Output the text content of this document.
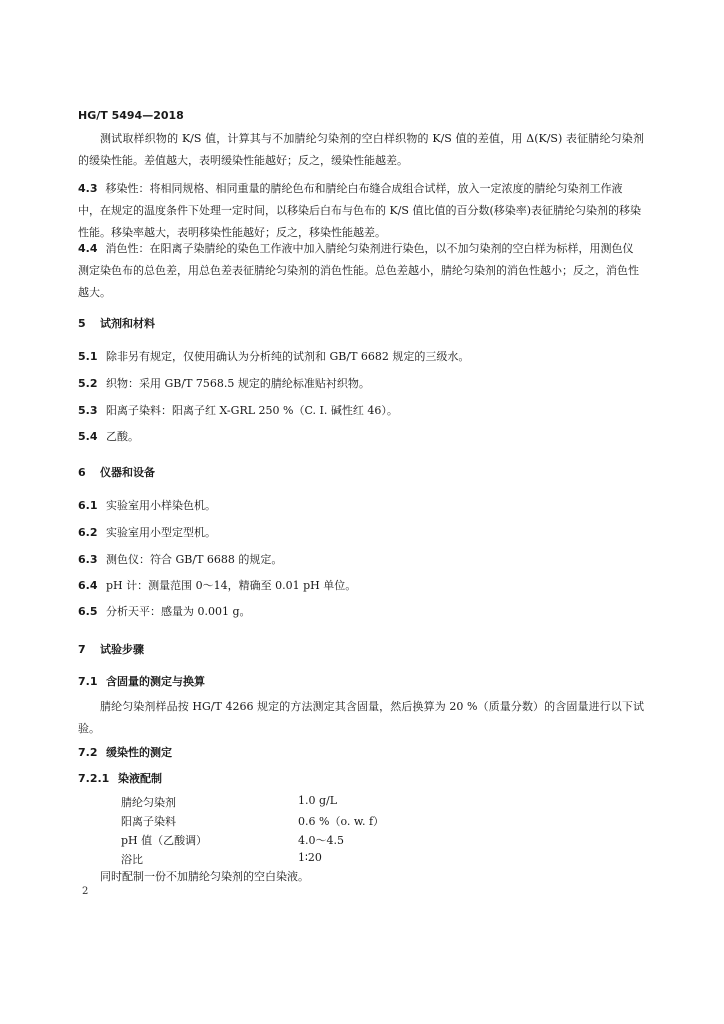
HG/T 5494—2018
测试取样织物的 K/S 值，计算其与不加腈纶匀染剂的空白样织物的 K/S 值的差值，用 Δ(K/S) 表征腈纶匀染剂的缓染性能。差值越大，表明缓染性能越好；反之，缓染性能越差。
4.3 移染性：将相同规格、相同重量的腈纶色布和腈纶白布缝合成组合试样，放入一定浓度的腈纶匀染剂工作液中，在规定的温度条件下处理一定时间，以移染后白布与色布的 K/S 值比值的百分数(移染率)表征腈纶匀染剂的移染性能。移染率越大，表明移染性能越好；反之，移染性能越差。
4.4 消色性：在阳离子染腈纶的染色工作液中加入腈纶匀染剂进行染色，以不加匀染剂的空白样为标样，用测色仪测定染色布的总色差，用总色差表征腈纶匀染剂的消色性能。总色差越小，腈纶匀染剂的消色性越小；反之，消色性越大。
5 试剂和材料
5.1 除非另有规定，仅使用确认为分析纯的试剂和 GB/T 6682 规定的三级水。
5.2 织物：采用 GB/T 7568.5 规定的腈纶标准贴衬织物。
5.3 阳离子染料：阳离子红 X-GRL 250 %（C. I. 碱性红 46）。
5.4 乙酸。
6 仪器和设备
6.1 实验室用小样染色机。
6.2 实验室用小型定型机。
6.3 测色仪：符合 GB/T 6688 的规定。
6.4 pH 计：测量范围 0～14，精确至 0.01 pH 单位。
6.5 分析天平：感量为 0.001 g。
7 试验步骤
7.1 含固量的测定与换算
腈纶匀染剂样品按 HG/T 4266 规定的方法测定其含固量，然后换算为 20 %（质量分数）的含固量进行以下试验。
7.2 缓染性的测定
7.2.1 染液配制
腈纶匀染剂	1.0 g/L
阳离子染料	0.6 %（o. w. f）
pH 值（乙酸调）	4.0～4.5
浴比	1∶20
同时配制一份不加腈纶匀染剂的空白染液。
2
